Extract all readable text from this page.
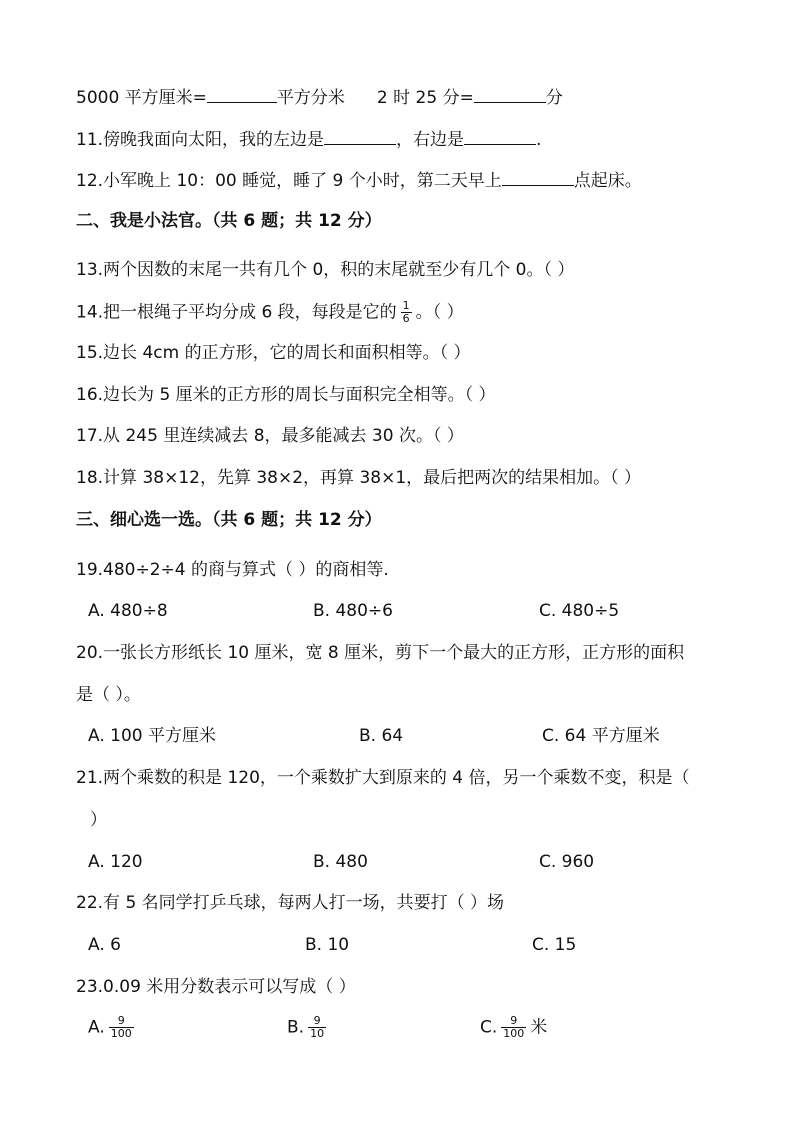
5000 平方厘米=	平方分米 2 时 25 分=	分
11.傍晚我面向太阳，我的左边是	，右边是	.
12.小军晚上 10：00 睡觉，睡了 9 个小时，第二天早上	点起床。
二、我是小法官。（共 6 题；共 12 分）
13.两个因数的末尾一共有几个 0，积的末尾就至少有几个 0。（ ）
14.把一根绳子平均分成 6 段，每段是它的 $\frac{1}{6}$ 。（ ）
15.边长 4cm 的正方形，它的周长和面积相等。（ ）
16.边长为 5 厘米的正方形的周长与面积完全相等。（ ）
17.从 245 里连续减去 8，最多能减去 30 次。（ ）
18.计算 38×12，先算 38×2，再算 38×1，最后把两次的结果相加。（ ）
三、细心选一选。（共 6 题；共 12 分）
19.480÷2÷4 的商与算式（ ）的商相等.
A. 480÷8	B. 480÷6	C. 480÷5
20.一张长方形纸长 10 厘米，宽 8 厘米，剪下一个最大的正方形，正方形的面积
是（ ）。
A. 100 平方厘米	B. 64	C. 64 平方厘米
21.两个乘数的积是 120，一个乘数扩大到原来的 4 倍，另一个乘数不变，积是（
）
A. 120	B. 480	C. 960
22.有 5 名同学打乒乓球，每两人打一场，共要打（ ）场
A. 6	B. 10	C. 15
23.0.09 米用分数表示可以写成（ ）
A. $\frac{9}{100}$	B. $\frac{9}{10}$	C. $\frac{9}{100}$ 米
